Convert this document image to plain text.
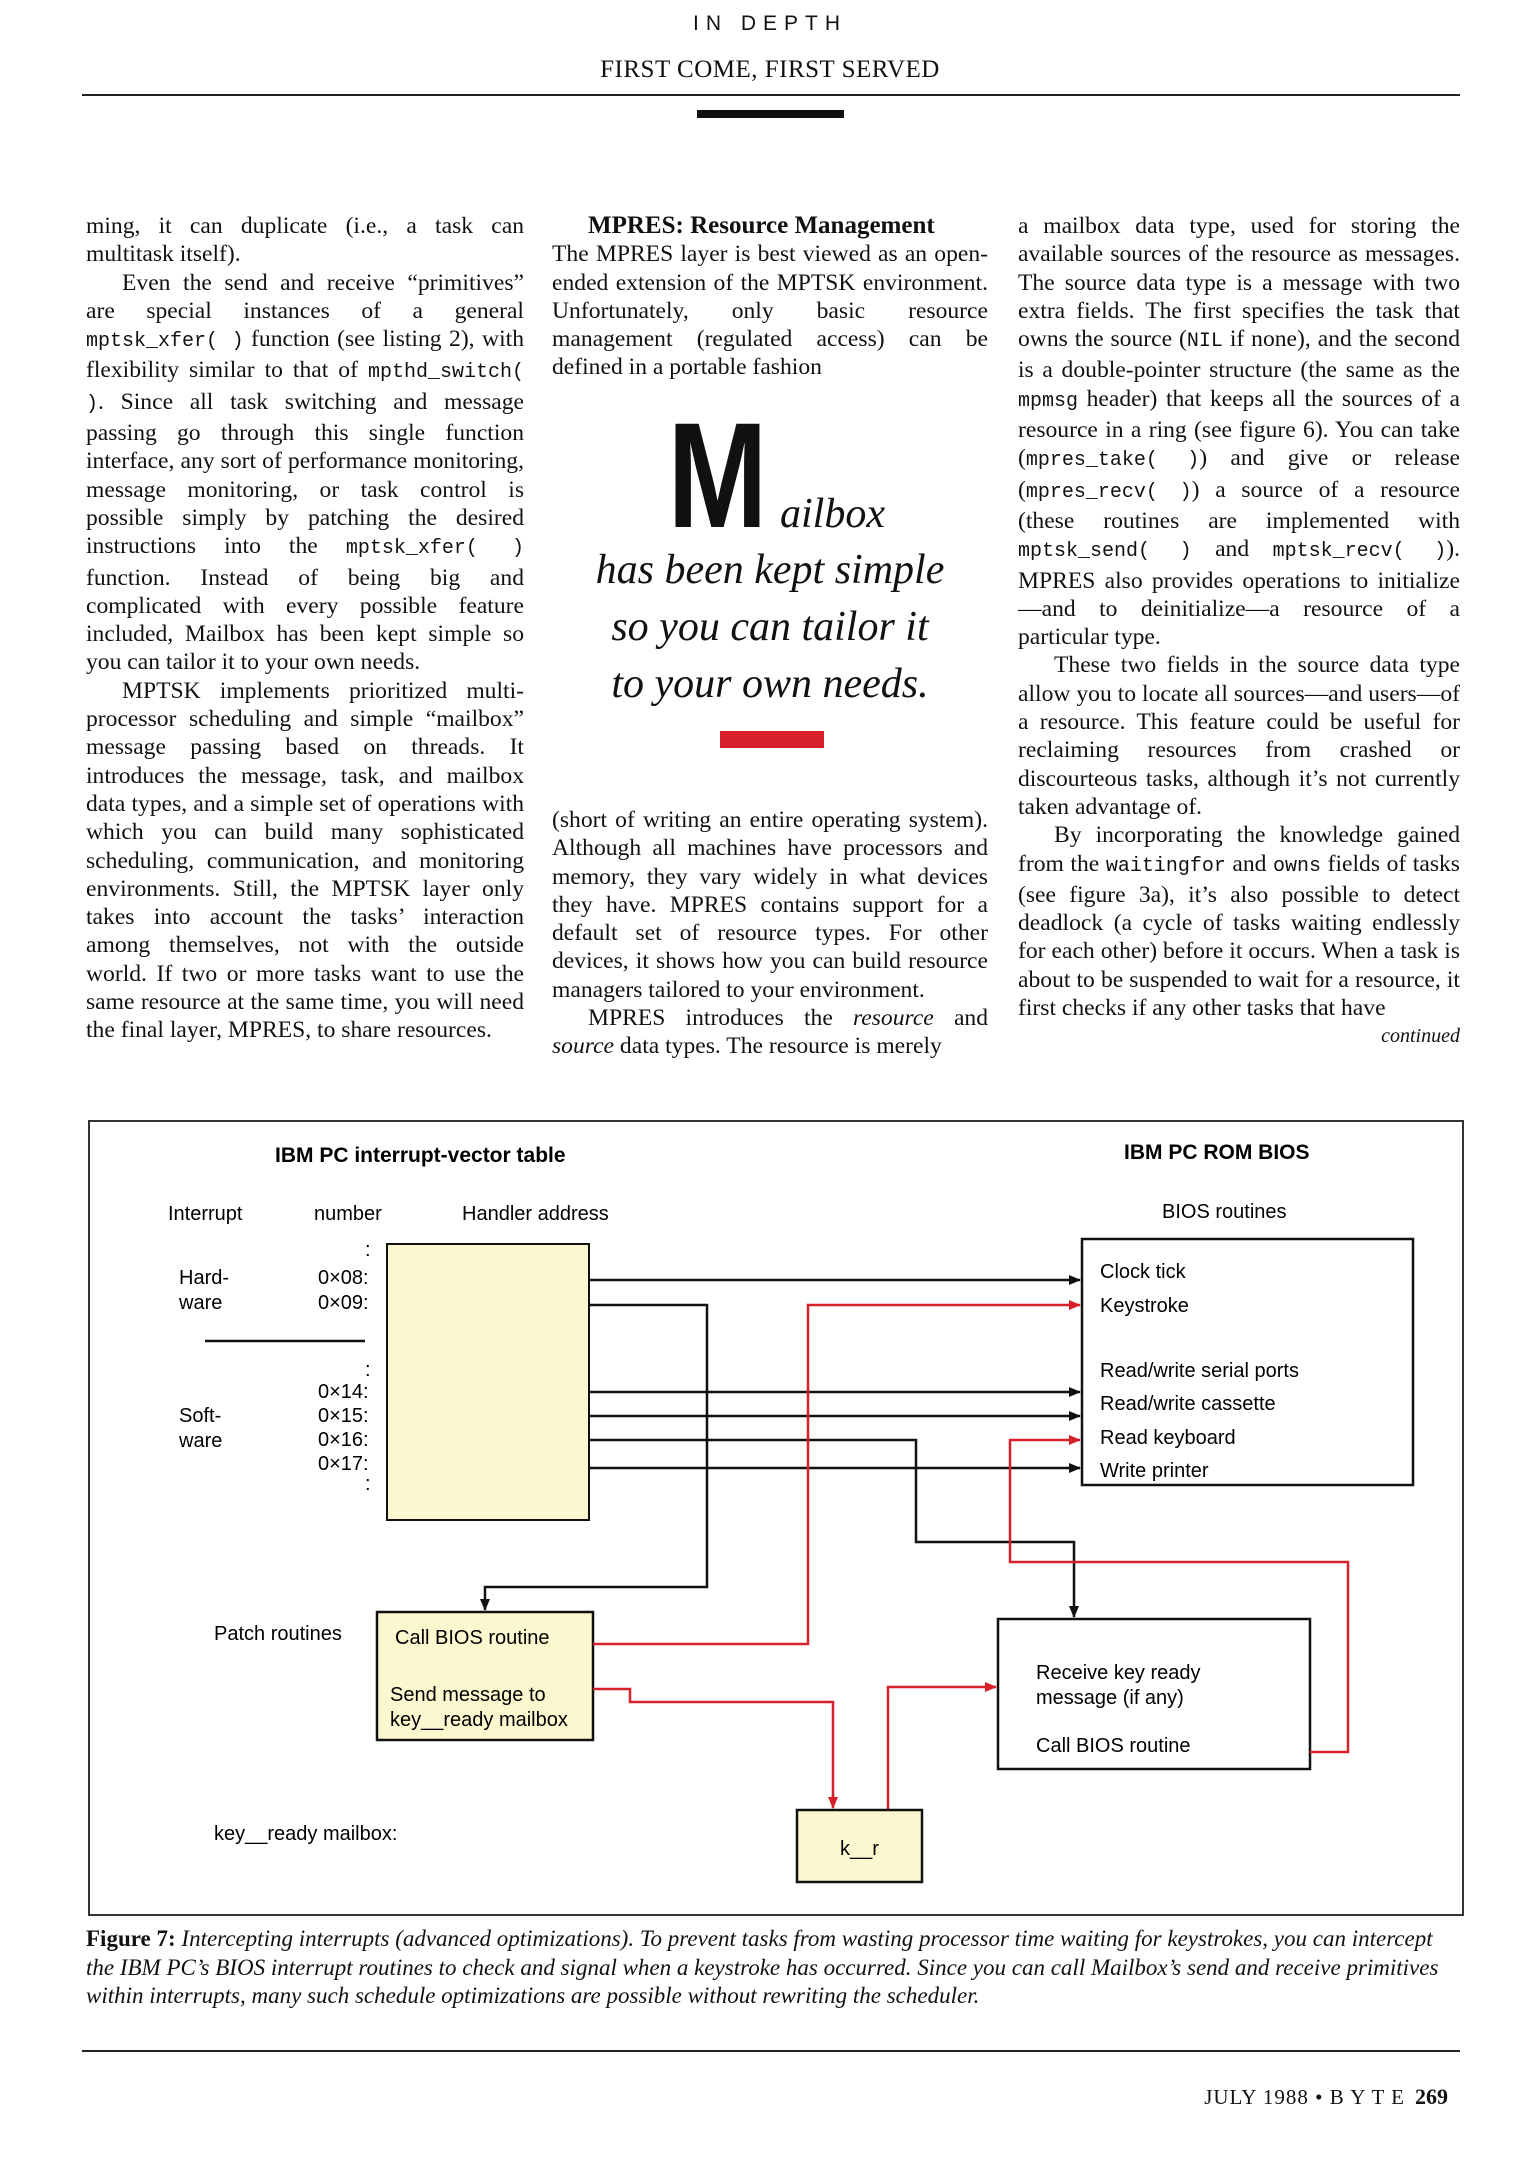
IN DEPTH
FIRST COME, FIRST SERVED

ming, it can duplicate (i.e., a task can multitask itself).

Even the send and receive “primitives” are special instances of a general mptsk_xfer( ) function (see listing 2), with flexibility similar to that of mpthd_switch( ). Since all task switching and message passing go through this single function interface, any sort of performance monitoring, message monitoring, or task control is possible simply by patching the desired instructions into the mptsk_xfer( ) function. Instead of being big and complicated with every possible feature included, Mailbox has been kept simple so you can tailor it to your own needs.

MPTSK implements prioritized multiprocessor scheduling and simple “mailbox” message passing based on threads. It introduces the message, task, and mailbox data types, and a simple set of operations with which you can build many sophisticated scheduling, communication, and monitoring environments. Still, the MPTSK layer only takes into account the tasks’ interaction among themselves, not with the outside world. If two or more tasks want to use the same resource at the same time, you will need the final layer, MPRES, to share resources.

MPRES: Resource Management

The MPRES layer is best viewed as an open-ended extension of the MPTSK environment. Unfortunately, only basic resource management (regulated access) can be defined in a portable fashion

Mailbox
has been kept simple
so you can tailor it
to your own needs.

(short of writing an entire operating system). Although all machines have processors and memory, they vary widely in what devices they have. MPRES contains support for a default set of resource types. For other devices, it shows how you can build resource managers tailored to your environment.

MPRES introduces the resource and source data types. The resource is merely

a mailbox data type, used for storing the available sources of the resource as messages. The source data type is a message with two extra fields. The first specifies the task that owns the source (NIL if none), and the second is a double-pointer structure (the same as the mpmsg header) that keeps all the sources of a resource in a ring (see figure 6). You can take (mpres_take( )) and give or release (mpres_recv( )) a source of a resource (these routines are implemented with mptsk_send( ) and mptsk_recv( )). MPRES also provides operations to initialize—and to deinitialize—a resource of a particular type.

These two fields in the source data type allow you to locate all sources—and users—of a resource. This feature could be useful for reclaiming resources from crashed or discourteous tasks, although it’s not currently taken advantage of.

By incorporating the knowledge gained from the waitingfor and owns fields of tasks (see figure 3a), it’s also possible to detect deadlock (a cycle of tasks waiting endlessly for each other) before it occurs. When a task is about to be suspended to wait for a resource, it first checks if any other tasks that have

continued
IBM PC interrupt-vector table	IBM PC ROM BIOS
Interrupt	number	Handler address	BIOS routines
Hard-
ware
Soft-
ware
:
0×08:
0×09:
:
0×14:
0×15:
0×16:
0×17:
:
Clock tick
Keystroke
Read/write serial ports
Read/write cassette
Read keyboard
Write printer
Patch routines	Call BIOS routine
Send message to
key__ready mailbox
Receive key ready
message (if any)
Call BIOS routine
key__ready mailbox:
k__r
Figure 7: Intercepting interrupts (advanced optimizations). To prevent tasks from wasting processor time waiting for keystrokes, you can intercept the IBM PC’s BIOS interrupt routines to check and signal when a keystroke has occurred. Since you can call Mailbox’s send and receive primitives within interrupts, many such schedule optimizations are possible without rewriting the scheduler.
JULY 1988 • B Y T E 269
